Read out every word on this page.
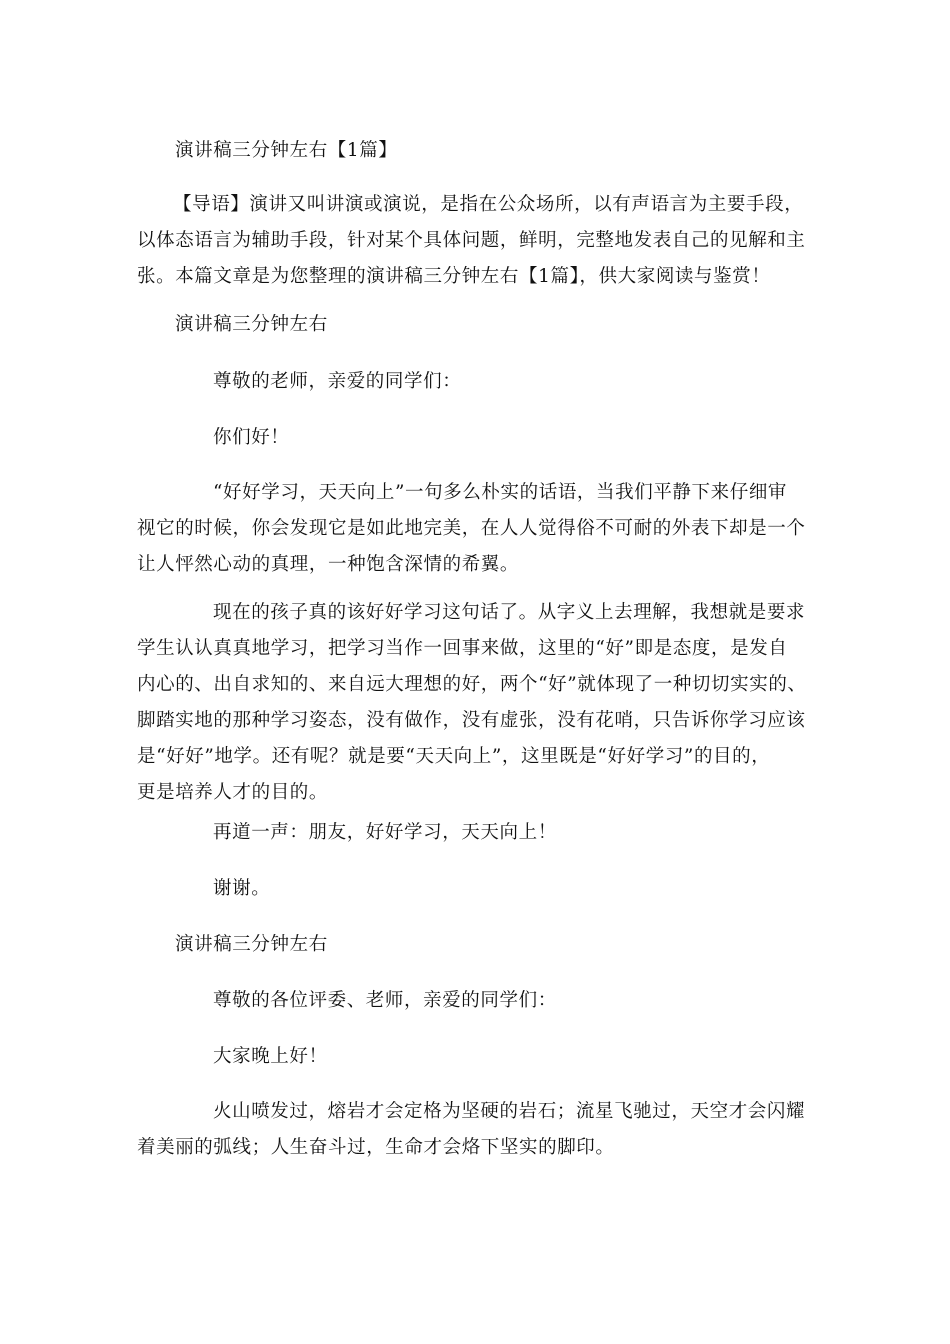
演讲稿三分钟左右【1篇】

【导语】演讲又叫讲演或演说，是指在公众场所，以有声语言为主要手段，
以体态语言为辅助手段，针对某个具体问题，鲜明，完整地发表自己的见解和主
张。本篇文章是为您整理的演讲稿三分钟左右【1篇】，供大家阅读与鉴赏！

演讲稿三分钟左右

尊敬的老师，亲爱的同学们：

你们好！

“好好学习，天天向上”一句多么朴实的话语，当我们平静下来仔细审
视它的时候，你会发现它是如此地完美，在人人觉得俗不可耐的外表下却是一个
让人怦然心动的真理，一种饱含深情的希翼。
现在的孩子真的该好好学习这句话了。从字义上去理解，我想就是要求
学生认认真真地学习，把学习当作一回事来做，这里的“好”即是态度，是发自
内心的、出自求知的、来自远大理想的好，两个“好”就体现了一种切切实实的、
脚踏实地的那种学习姿态，没有做作，没有虚张，没有花哨，只告诉你学习应该
是“好好”地学。还有呢？就是要“天天向上”，这里既是“好好学习”的目的，
更是培养人才的目的。

再道一声：朋友，好好学习，天天向上！

谢谢。

演讲稿三分钟左右

尊敬的各位评委、老师，亲爱的同学们：

大家晚上好！

火山喷发过，熔岩才会定格为坚硬的岩石；流星飞驰过，天空才会闪耀
着美丽的弧线；人生奋斗过，生命才会烙下坚实的脚印。
